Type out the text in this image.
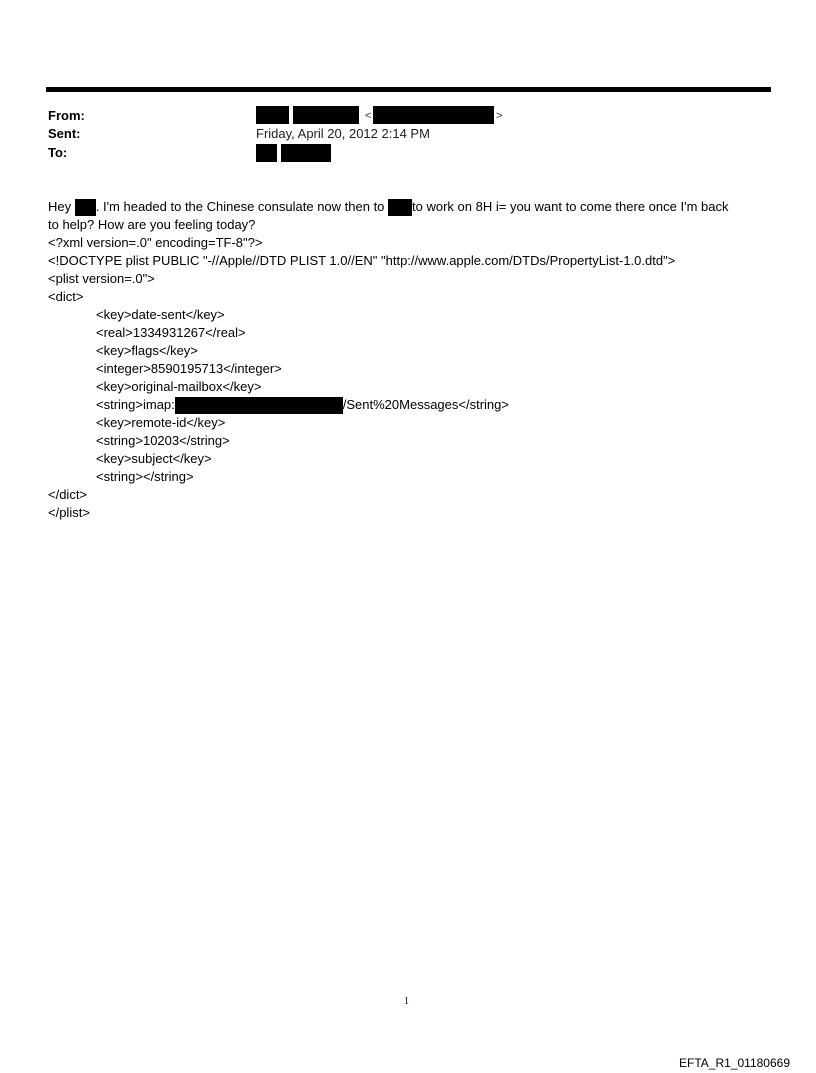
From:
Sent:
To:
<	>
Friday, April 20, 2012 2:14 PM
Hey . I'm headed to the Chinese consulate now then to to work on 8H i= you want to come there once I'm back
to help? How are you feeling today?
<?xml version=.0" encoding=TF-8"?>
<!DOCTYPE plist PUBLIC "-//Apple//DTD PLIST 1.0//EN" "http://www.apple.com/DTDs/PropertyList-1.0.dtd">
<plist version=.0">
<dict>
<key>date-sent</key>
<real>1334931267</real>
<key>flags</key>
<integer>8590195713</integer>
<key>original-mailbox</key>
<string>imap:	/Sent%20Messages</string>
<key>remote-id</key>
<string>10203</string>
<key>subject</key>
<string></string>
</dict>
</plist>
1
EFTA_R1_01180669
